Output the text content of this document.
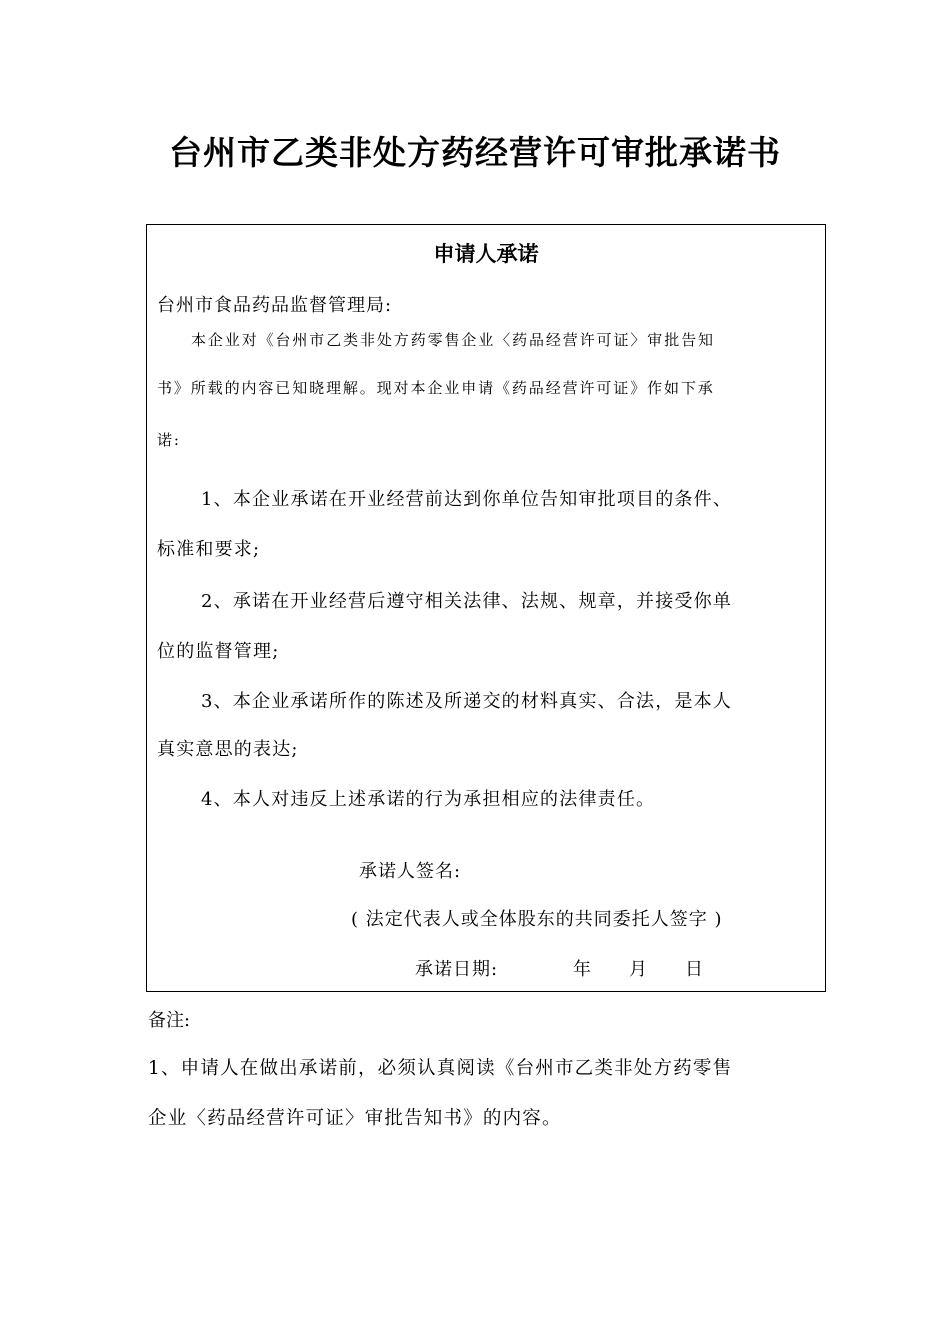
台州市乙类非处方药经营许可审批承诺书
申请人承诺
台州市食品药品监督管理局:
本企业对《台州市乙类非处方药零售企业〈药品经营许可证〉审批告知
书》所载的内容已知晓理解。现对本企业申请《药品经营许可证》作如下承
诺:
1、本企业承诺在开业经营前达到你单位告知审批项目的条件、
标准和要求;
2、承诺在开业经营后遵守相关法律、法规、规章，并接受你单
位的监督管理;
3、本企业承诺所作的陈述及所递交的材料真实、合法，是本人
真实意思的表达;
4、本人对违反上述承诺的行为承担相应的法律责任。
承诺人签名:
( 法定代表人或全体股东的共同委托人签字 )
承诺日期:	年 月 日
备注:
1、申请人在做出承诺前，必须认真阅读《台州市乙类非处方药零售
企业〈药品经营许可证〉审批告知书》的内容。
